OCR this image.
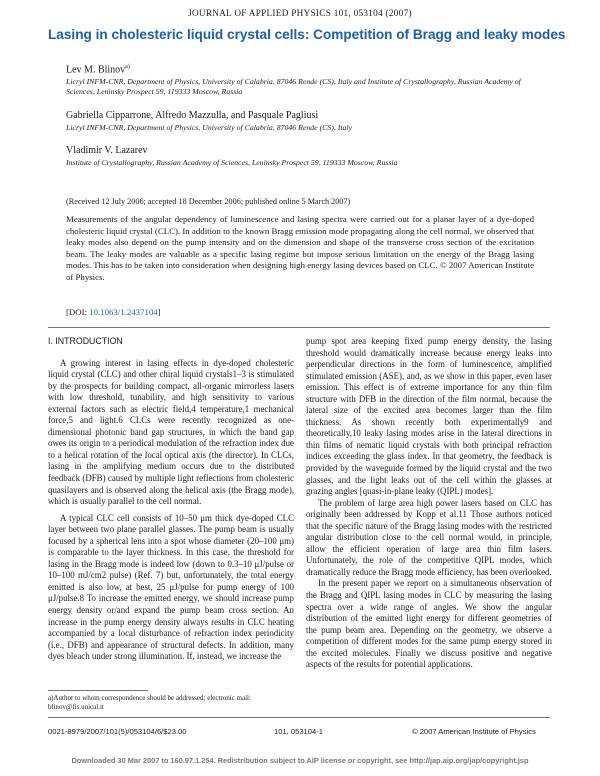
JOURNAL OF APPLIED PHYSICS 101, 053104 (2007)
Lasing in cholesteric liquid crystal cells: Competition of Bragg and leaky modes
Lev M. Blinov$^{a)}$
Licryl INFM-CNR, Department of Physics, University of Calabria, 87046 Rende (CS), Italy and Institute of Crystallography, Russian Academy of Sciences, Leninsky Prospect 59, 119333 Moscow, Russia
Gabriella Cipparrone, Alfredo Mazzulla, and Pasquale Pagliusi
Licryl INFM-CNR, Department of Physics, University of Calabria, 87046 Rende (CS), Italy
Vladimir V. Lazarev
Institute of Crystallography, Russian Academy of Sciences, Leninsky Prospect 59, 119333 Moscow, Russia
(Received 12 July 2006; accepted 18 December 2006; published online 5 March 2007)
Measurements of the angular dependency of luminescence and lasing spectra were carried out for a planar layer of a dye-doped cholesteric liquid crystal (CLC). In addition to the known Bragg emission mode propagating along the cell normal, we observed that leaky modes also depend on the pump intensity and on the dimension and shape of the transverse cross section of the excitation beam. The leaky modes are valuable as a specific lasing regime but impose serious limitation on the energy of the Bragg lasing modes. This has to be taken into consideration when designing high energy lasing devices based on CLC. © 2007 American Institute of Physics.
[DOI: 10.1063/1.2437104]

I. INTRODUCTION

A growing interest in lasing effects in dye-doped cholesteric liquid crystal (CLC) and other chiral liquid crystals1–3 is stimulated by the prospects for building compact, all-organic mirrorless lasers with low threshold, tunability, and high sensitivity to various external factors such as electric field,4 temperature,1 mechanical force,5 and light.6 CLCs were recently recognized as one-dimensional photonic band gap structures, in which the band gap owes its origin to a periodical modulation of the refraction index due to a helical rotation of the local optical axis (the director). In CLCs, lasing in the amplifying medium occurs due to the distributed feedback (DFB) caused by multiple light reflections from cholesteric quasilayers and is observed along the helical axis (the Bragg mode), which is usually parallel to the cell normal.

A typical CLC cell consists of 10–50 μm thick dye-doped CLC layer between two plane parallel glasses. The pump beam is usually focused by a spherical lens into a spot whose diameter (20–100 μm) is comparable to the layer thickness. In this case, the threshold for lasing in the Bragg mode is indeed low (down to 0.3–10 μJ/pulse or 10–100 mJ/cm2 pulse) (Ref. 7) but, unfortunately, the total energy emitted is also low, at best, 25 μJ/pulse for pump energy of 100 μJ/pulse.8 To increase the emitted energy, we should increase pump energy density or/and expand the pump beam cross section. An increase in the pump energy density always results in CLC heating accompanied by a local disturbance of refraction index periodicity (i.e., DFB) and appearance of structural defects. In addition, many dyes bleach under strong illumination. If, instead, we increase the

pump spot area keeping fixed pump energy density, the lasing threshold would dramatically increase because energy leaks into perpendicular directions in the form of luminescence, amplified stimulated emission (ASE), and, as we show in this paper, even laser emission. This effect is of extreme importance for any thin film structure with DFB in the direction of the film normal, because the lateral size of the excited area becomes larger than the film thickness. As shown recently both experimentally9 and theoretically,10 leaky lasing modes arise in the lateral directions in thin films of nematic liquid crystals with both principal refraction indices exceeding the glass index. In that geometry, the feedback is provided by the waveguide formed by the liquid crystal and the two glasses, and the light leaks out of the cell within the glasses at grazing angles [quasi-in-plane leaky (QIPL) modes].

The problem of large area high power lasers based on CLC has originally been addressed by Kopp et al.11 Those authors noticed that the specific nature of the Bragg lasing modes with the restricted angular distribution close to the cell normal would, in principle, allow the efficient operation of large area thin film lasers. Unfortunately, the role of the competitive QIPL modes, which dramatically reduce the Bragg mode efficiency, has been overlooked.

In the present paper we report on a simultaneous observation of the Bragg and QIPL lasing modes in CLC by measuring the lasing spectra over a wide range of angles. We show the angular distribution of the emitted light energy for different geometries of the pump beam area. Depending on the geometry, we observe a competition of different modes for the same pump energy stored in the excited molecules. Finally we discuss positive and negative aspects of the results for potential applications.

a)Author to whom correspondence should be addressed; electronic mail: blinov@fis.unical.it
0021-8979/2007/101(5)/053104/6/$23.00	101, 053104-1	© 2007 American Institute of Physics
Downloaded 30 Mar 2007 to 160.97.1.254. Redistribution subject to AIP license or copyright, see http://jap.aip.org/jap/copyright.jsp
